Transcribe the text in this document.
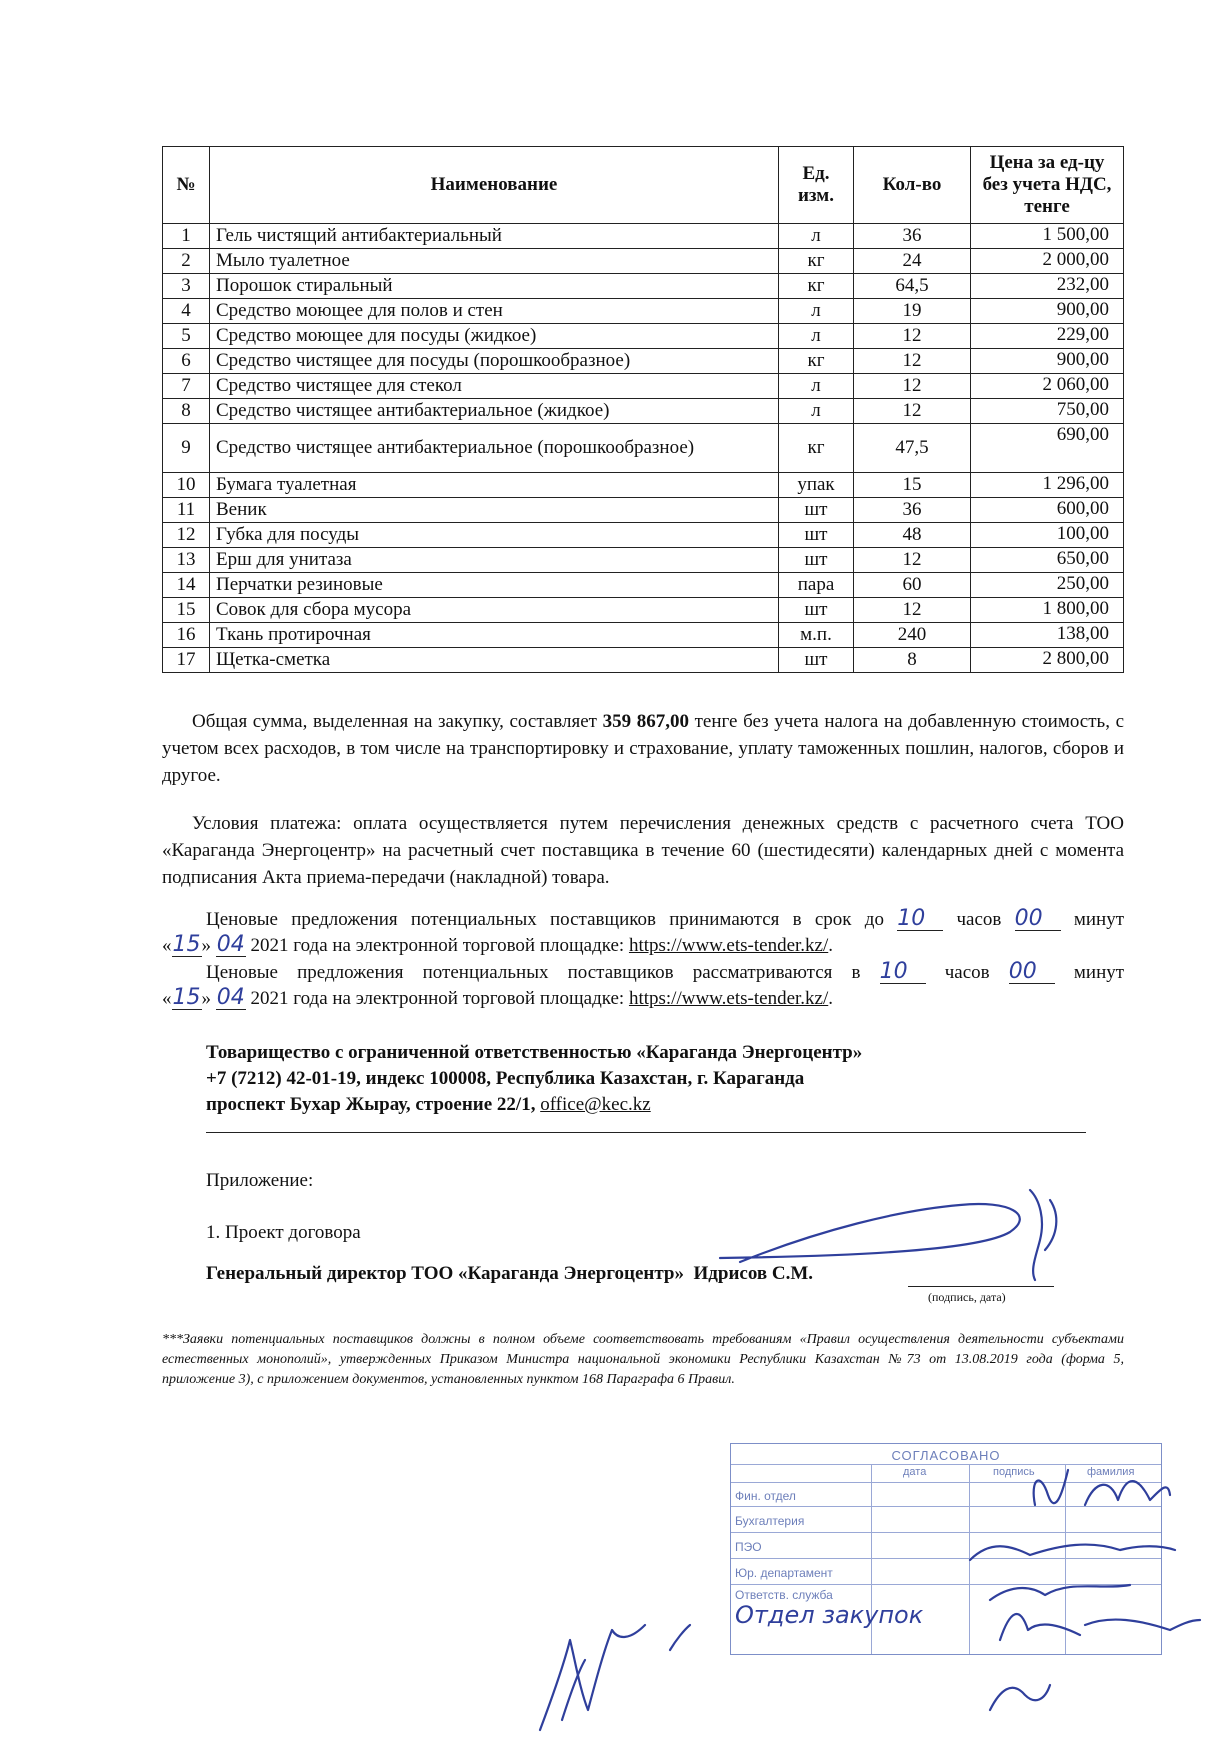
№	Наименование	Ед. изм.	Кол-во	Цена за ед-цу без учета НДС, тенге
1	Гель чистящий антибактериальный	л	36	1 500,00
2	Мыло туалетное	кг	24	2 000,00
3	Порошок стиральный	кг	64,5	232,00
4	Средство моющее для полов и стен	л	19	900,00
5	Средство моющее для посуды (жидкое)	л	12	229,00
6	Средство чистящее для посуды (порошкообразное)	кг	12	900,00
7	Средство чистящее для стекол	л	12	2 060,00
8	Средство чистящее антибактериальное (жидкое)	л	12	750,00
9	Средство чистящее антибактериальное (порошкообразное)	кг	47,5	690,00
10	Бумага туалетная	упак	15	1 296,00
11	Веник	шт	36	600,00
12	Губка для посуды	шт	48	100,00
13	Ерш для унитаза	шт	12	650,00
14	Перчатки резиновые	пара	60	250,00
15	Совок для сбора мусора	шт	12	1 800,00
16	Ткань протирочная	м.п.	240	138,00
17	Щетка-сметка	шт	8	2 800,00
Общая сумма, выделенная на закупку, составляет 359 867,00 тенге без учета налога на добавленную стоимость, с учетом всех расходов, в том числе на транспортировку и страхование, уплату таможенных пошлин, налогов, сборов и другое.
Условия платежа: оплата осуществляется путем перечисления денежных средств с расчетного счета ТОО «Караганда Энергоцентр» на расчетный счет поставщика в течение 60 (шестидесяти) календарных дней с момента подписания Акта приема-передачи (накладной) товара.
Ценовые предложения потенциальных поставщиков принимаются в срок до 10 часов 00 минут
«15» 04 2021 года на электронной торговой площадке: https://www.ets-tender.kz/.
Ценовые предложения потенциальных поставщиков рассматриваются в 10 часов 00 минут
«15» 04 2021 года на электронной торговой площадке: https://www.ets-tender.kz/.
Товарищество с ограниченной ответственностью «Караганда Энергоцентр»
+7 (7212) 42-01-19, индекс 100008, Республика Казахстан, г. Караганда
проспект Бухар Жырау, строение 22/1, office@kec.kz
Приложение:
1. Проект договора
Генеральный директор ТОО «Караганда Энергоцентр» Идрисов С.М.
(подпись, дата)
***Заявки потенциальных поставщиков должны в полном объеме соответствовать требованиям «Правил осуществления деятельности субъектами естественных монополий», утвержденных Приказом Министра национальной экономики Республики Казахстан №73 от 13.08.2019 года (форма 5, приложение 3), с приложением документов, установленных пунктом 168 Параграфа 6 Правил.
СОГЛАСОВАНО
дата	подпись	фамилия
Фин. отдел
Бухгалтерия
ПЭО
Юр. департамент
Ответств. служба
Отдел закупок
